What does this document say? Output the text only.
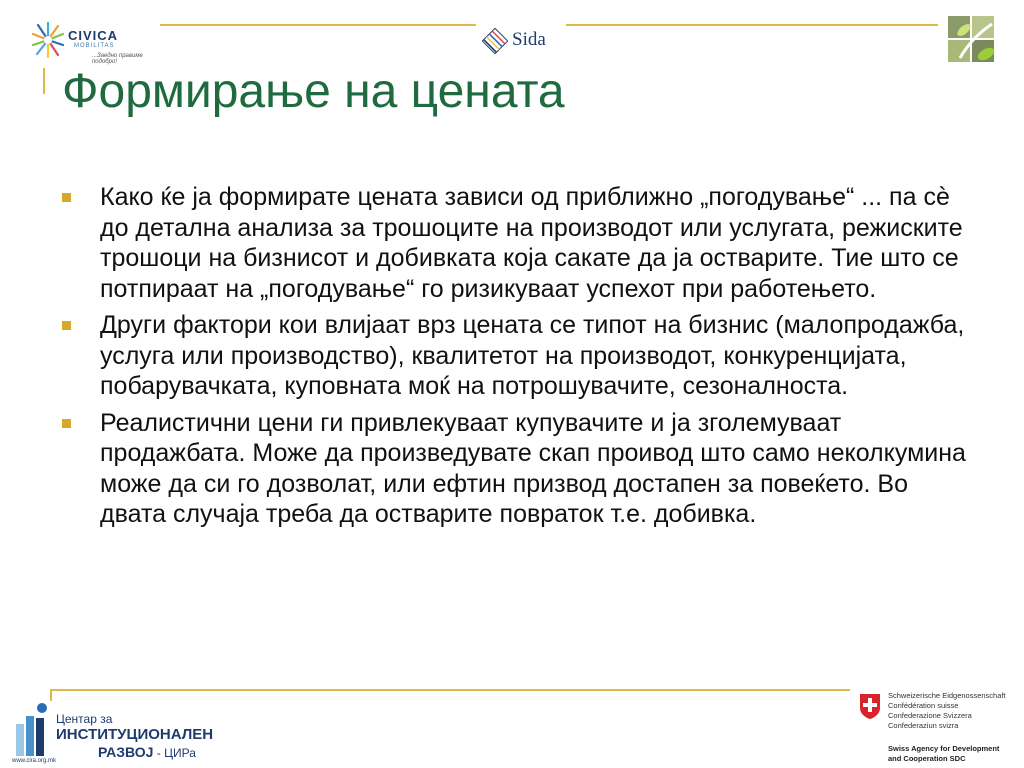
CIVICA
MOBILITAS
...Заедно правиме подобро!
Sida
Формирање на цената
Како ќе ја формирате цената зависи од приближно „погодување“ ... па сѐ до детална анализа за трошоците на производот или услугата, режиските трошоци на бизнисот и добивката која сакате да ја остварите. Тие што се потпираат на „погодување“ го ризикуваат успехот при работењето.
Други фактори кои влијаат врз цената се типот на бизнис (малопродажба, услуга или производство), квалитетот на производот, конкуренцијата, побарувачката, куповната моќ на потрошувачите, сезоналноста.
Реалистични цени ги привлекуваат купувачите и ја зголемуваат продажбата. Може да произведувате скап проивод што само неколкумина може да си го дозволат, или ефтин призвод достапен за повеќето. Во двата случаја треба да остварите повраток т.е. добивка.
Центар за
ИНСТИТУЦИОНАЛЕН
РАЗВОЈ - ЦИРа
www.cira.org.mk
Schweizerische Eidgenossenschaft
Confédération suisse
Confederazione Svizzera
Confederaziun svizra
Swiss Agency for Development
and Cooperation SDC
